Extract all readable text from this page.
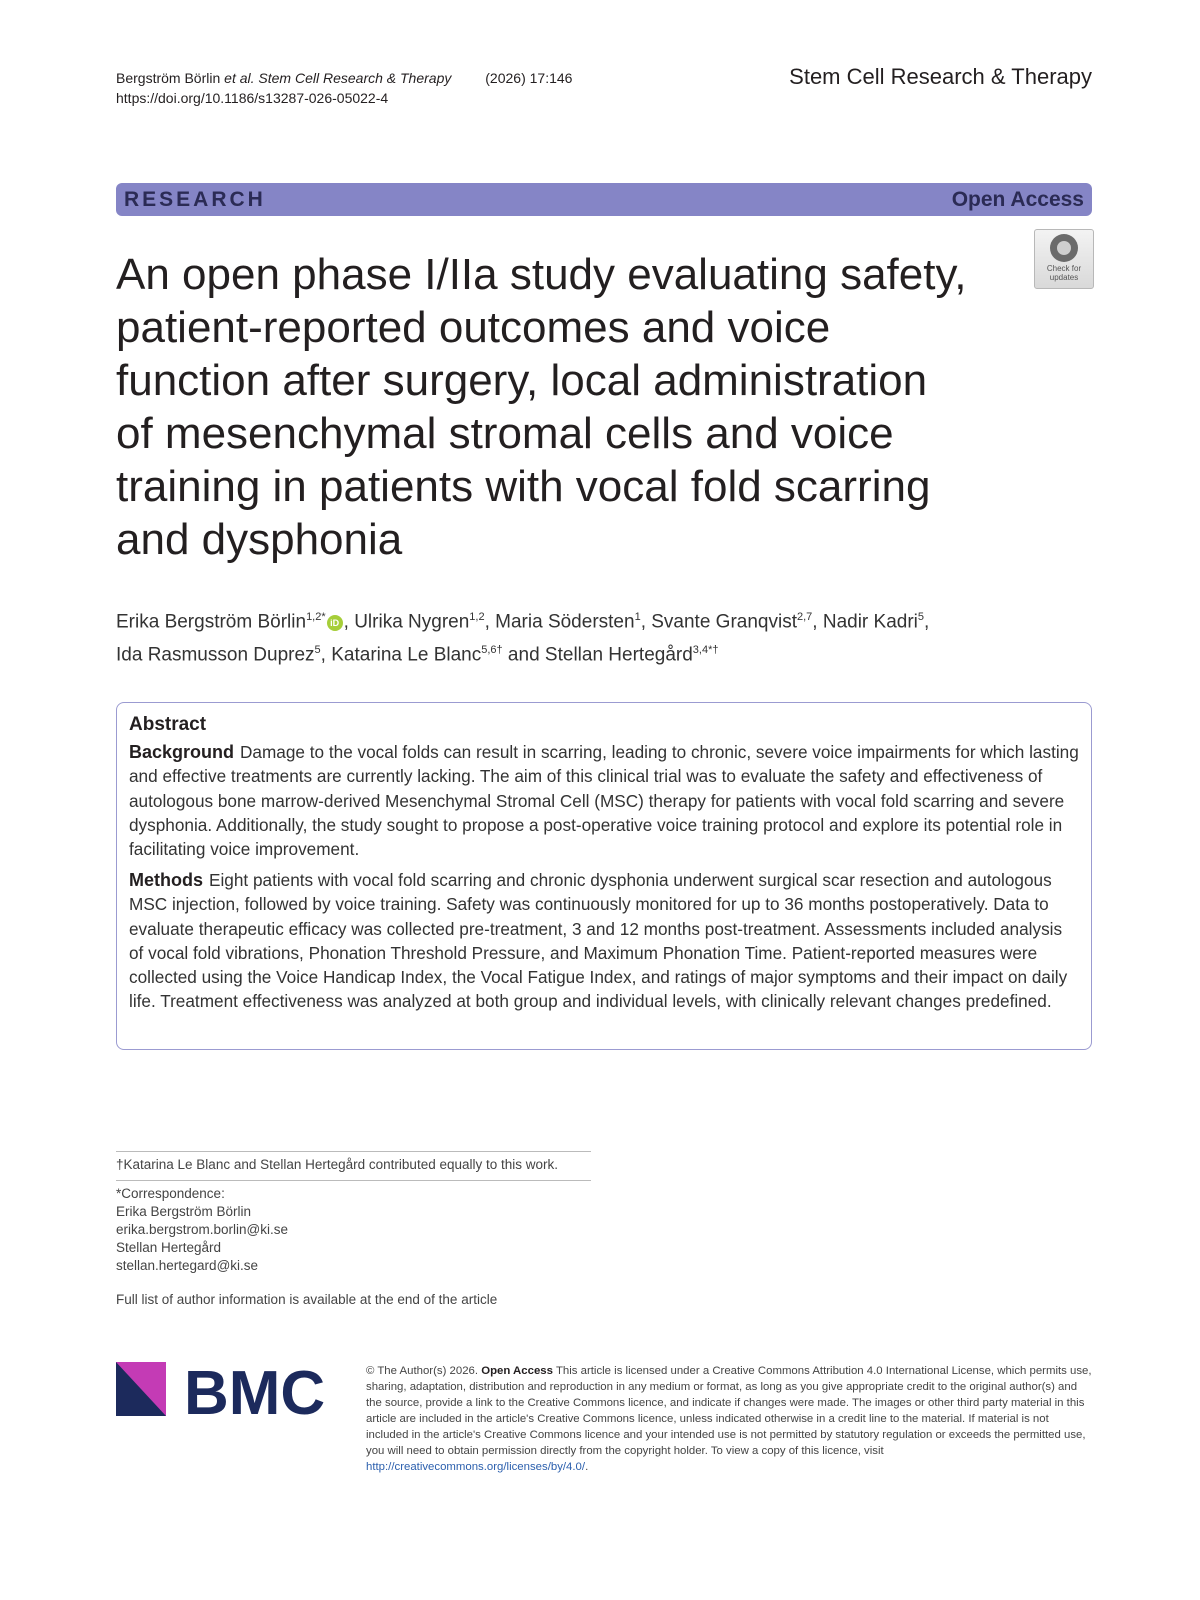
Bergström Börlin et al. Stem Cell Research & Therapy (2026) 17:146
https://doi.org/10.1186/s13287-026-05022-4
Stem Cell Research & Therapy
RESEARCH	Open Access
Check for
updates
An open phase I/IIa study evaluating safety,
patient-reported outcomes and voice
function after surgery, local administration
of mesenchymal stromal cells and voice
training in patients with vocal fold scarring
and dysphonia
Erika Bergström Börlin$^{1,2*}$iD , Ulrika Nygren$^{1,2}$, Maria Södersten$^1$, Svante Granqvist$^{2,7}$, Nadir Kadri$^5$,
Ida Rasmusson Duprez$^5$, Katarina Le Blanc$^{5,6\dagger}$ and Stellan Hertegård$^{3,4*\dagger}$
Abstract

Background Damage to the vocal folds can result in scarring, leading to chronic, severe voice impairments for which lasting and effective treatments are currently lacking. The aim of this clinical trial was to evaluate the safety and effectiveness of autologous bone marrow-derived Mesenchymal Stromal Cell (MSC) therapy for patients with vocal fold scarring and severe dysphonia. Additionally, the study sought to propose a post-operative voice training protocol and explore its potential role in facilitating voice improvement.

Methods Eight patients with vocal fold scarring and chronic dysphonia underwent surgical scar resection and autologous MSC injection, followed by voice training. Safety was continuously monitored for up to 36 months postoperatively. Data to evaluate therapeutic efficacy was collected pre-treatment, 3 and 12 months post-treatment. Assessments included analysis of vocal fold vibrations, Phonation Threshold Pressure, and Maximum Phonation Time. Patient-reported measures were collected using the Voice Handicap Index, the Vocal Fatigue Index, and ratings of major symptoms and their impact on daily life. Treatment effectiveness was analyzed at both group and individual levels, with clinically relevant changes predefined.

†Katarina Le Blanc and Stellan Hertegård contributed equally to this work.
*Correspondence:
Erika Bergström Börlin
erika.bergstrom.borlin@ki.se
Stellan Hertegård
stellan.hertegard@ki.se
Full list of author information is available at the end of the article
BMC	© The Author(s) 2026. Open Access This article is licensed under a Creative Commons Attribution 4.0 International License, which permits use, sharing, adaptation, distribution and reproduction in any medium or format, as long as you give appropriate credit to the original author(s) and the source, provide a link to the Creative Commons licence, and indicate if changes were made. The images or other third party material in this article are included in the article's Creative Commons licence, unless indicated otherwise in a credit line to the material. If material is not included in the article's Creative Commons licence and your intended use is not permitted by statutory regulation or exceeds the permitted use, you will need to obtain permission directly from the copyright holder. To view a copy of this licence, visit http://creativecommons.org/licenses/by/4.0/.
